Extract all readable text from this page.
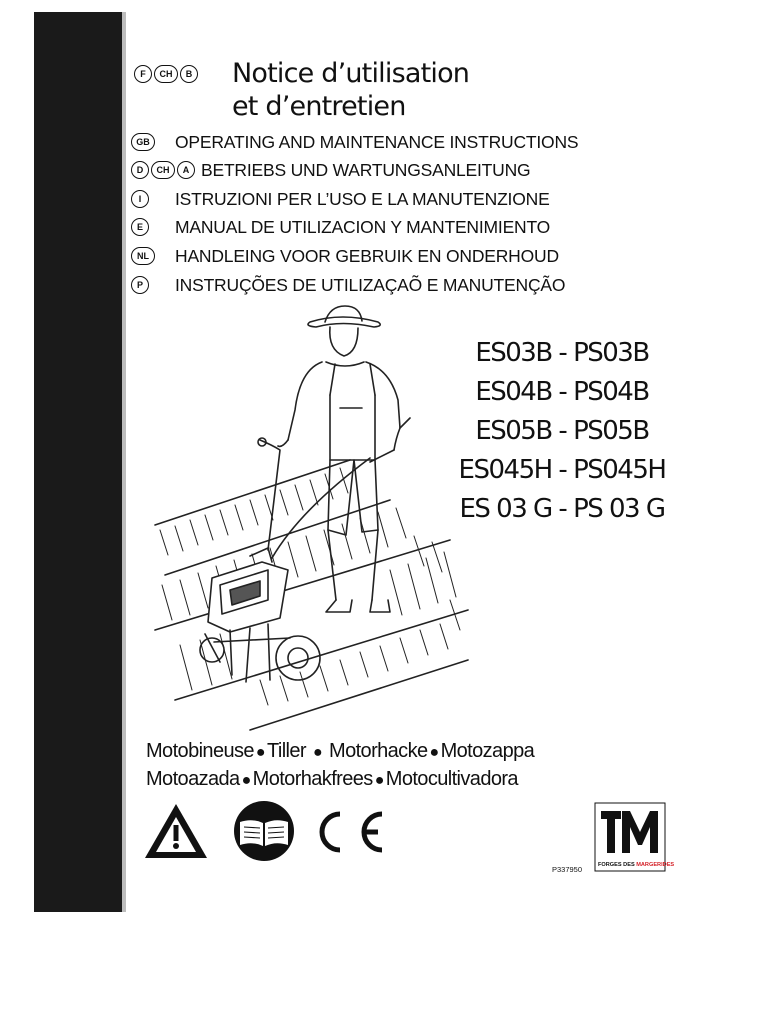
F	CH	B Notice d’utilisation
et d’entretien
GB	OPERATING AND MAINTENANCE INSTRUCTIONS
D	CH	A BETRIEBS UND WARTUNGSANLEITUNG
I	ISTRUZIONI PER L’USO E LA MANUTENZIONE
E	MANUAL DE UTILIZACION Y MANTENIMIENTO
NL	HANDLEING VOOR GEBRUIK EN ONDERHOUD
P	INSTRUÇÕES DE UTILIZAÇAÕ E MANUTENÇÃO
ES03B - PS03B
ES04B - PS04B
ES05B - PS05B
ES045H - PS045H
ES 03 G - PS 03 G
Motobineuse ● Tiller ● Motorhacke ● Motozappa
Motoazada ● Motorhakfrees ● Motocultivadora
P337950	FORGES DES MARGERIDES
